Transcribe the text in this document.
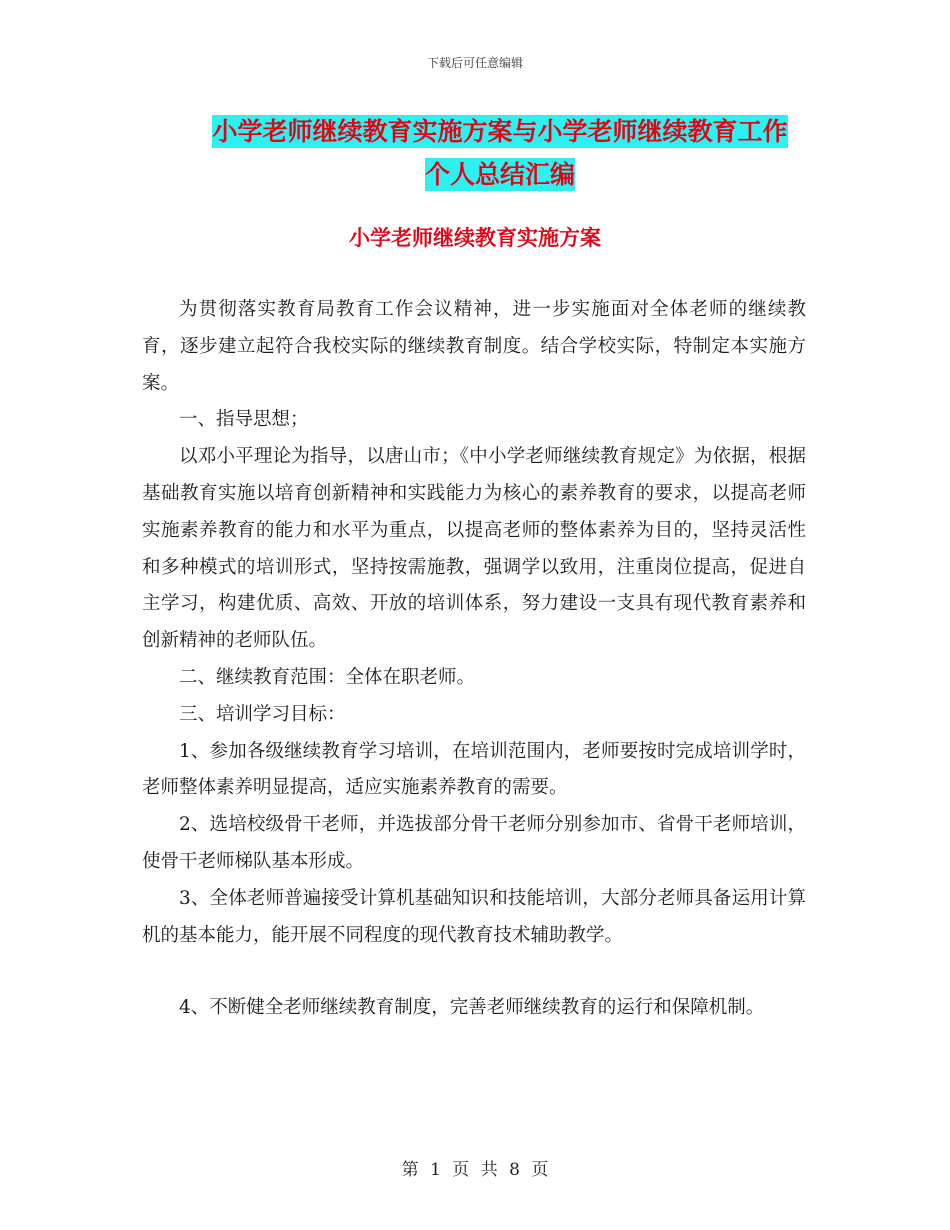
下载后可任意编辑
小学老师继续教育实施方案与小学老师继续教育工作
个人总结汇编
小学老师继续教育实施方案

为贯彻落实教育局教育工作会议精神，进一步实施面对全体老师的继续教育，逐步建立起符合我校实际的继续教育制度。结合学校实际，特制定本实施方案。

一、指导思想；

以邓小平理论为指导，以唐山市；《中小学老师继续教育规定》为依据，根据基础教育实施以培育创新精神和实践能力为核心的素养教育的要求，以提高老师实施素养教育的能力和水平为重点，以提高老师的整体素养为目的，坚持灵活性和多种模式的培训形式，坚持按需施教，强调学以致用，注重岗位提高，促进自主学习，构建优质、高效、开放的培训体系，努力建设一支具有现代教育素养和创新精神的老师队伍。

二、继续教育范围：全体在职老师。

三、培训学习目标：

1、参加各级继续教育学习培训，在培训范围内，老师要按时完成培训学时，老师整体素养明显提高，适应实施素养教育的需要。

2、选培校级骨干老师，并选拔部分骨干老师分别参加市、省骨干老师培训，使骨干老师梯队基本形成。

3、全体老师普遍接受计算机基础知识和技能培训，大部分老师具备运用计算机的基本能力，能开展不同程度的现代教育技术辅助教学。

4、不断健全老师继续教育制度，完善老师继续教育的运行和保障机制。

第 1 页 共 8 页
